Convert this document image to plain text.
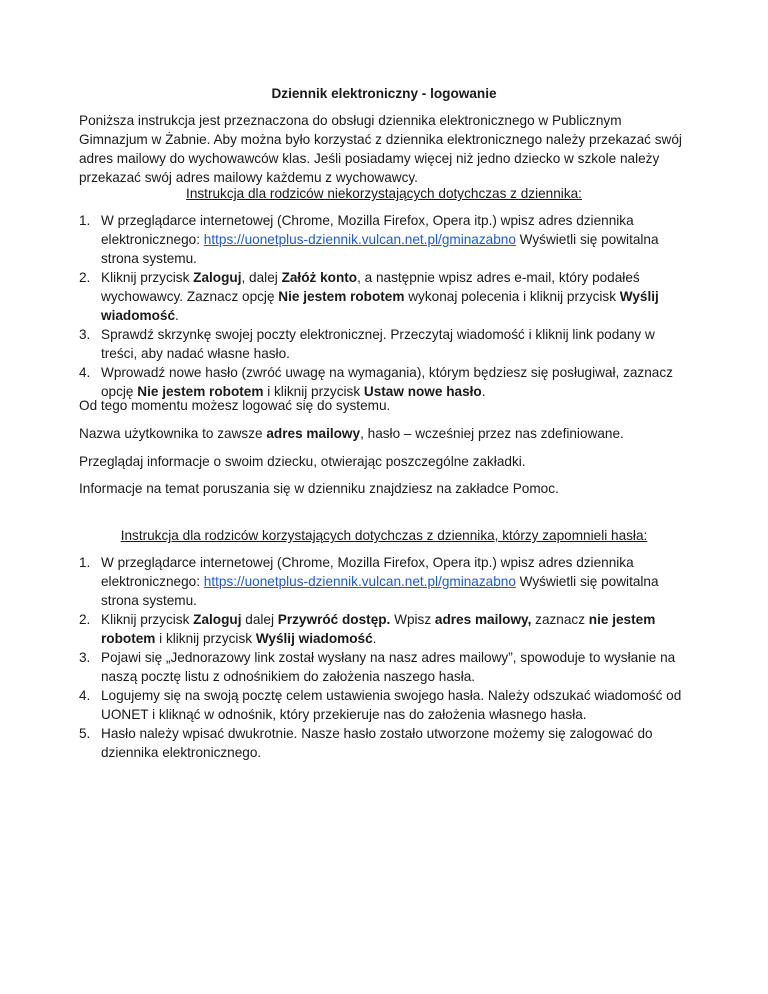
Dziennik elektroniczny - logowanie
Poniższa instrukcja jest przeznaczona do obsługi dziennika elektronicznego w Publicznym Gimnazjum w Żabnie. Aby można było korzystać z dziennika elektronicznego należy przekazać swój adres mailowy do wychowawców klas. Jeśli posiadamy więcej niż jedno dziecko w szkole należy przekazać swój adres mailowy każdemu z wychowawcy.
Instrukcja dla rodziców niekorzystających dotychczas z dziennika:
1. W przeglądarce internetowej (Chrome, Mozilla Firefox, Opera itp.) wpisz adres dziennika elektronicznego: https://uonetplus-dziennik.vulcan.net.pl/gminazabno Wyświetli się powitalna strona systemu.
2. Kliknij przycisk Zaloguj, dalej Załóż konto, a następnie wpisz adres e-mail, który podałeś wychowawcy. Zaznacz opcję Nie jestem robotem wykonaj polecenia i kliknij przycisk Wyślij wiadomość.
3. Sprawdź skrzynkę swojej poczty elektronicznej. Przeczytaj wiadomość i kliknij link podany w treści, aby nadać własne hasło.
4. Wprowadź nowe hasło (zwróć uwagę na wymagania), którym będziesz się posługiwał, zaznacz opcję Nie jestem robotem i kliknij przycisk Ustaw nowe hasło.
Od tego momentu możesz logować się do systemu.
Nazwa użytkownika to zawsze adres mailowy, hasło – wcześniej przez nas zdefiniowane.
Przeglądaj informacje o swoim dziecku, otwierając poszczególne zakładki.
Informacje na temat poruszania się w dzienniku znajdziesz na zakładce Pomoc.
Instrukcja dla rodziców korzystających dotychczas z dziennika, którzy zapomnieli hasła:
1. W przeglądarce internetowej (Chrome, Mozilla Firefox, Opera itp.) wpisz adres dziennika elektronicznego: https://uonetplus-dziennik.vulcan.net.pl/gminazabno Wyświetli się powitalna strona systemu.
2. Kliknij przycisk Zaloguj dalej Przywróć dostęp. Wpisz adres mailowy, zaznacz nie jestem robotem i kliknij przycisk Wyślij wiadomość.
3. Pojawi się „Jednorazowy link został wysłany na nasz adres mailowy”, spowoduje to wysłanie na naszą pocztę listu z odnośnikiem do założenia naszego hasła.
4. Logujemy się na swoją pocztę celem ustawienia swojego hasła. Należy odszukać wiadomość od UONET i kliknąć w odnośnik, który przekieruje nas do założenia własnego hasła.
5. Hasło należy wpisać dwukrotnie. Nasze hasło zostało utworzone możemy się zalogować do dziennika elektronicznego.
